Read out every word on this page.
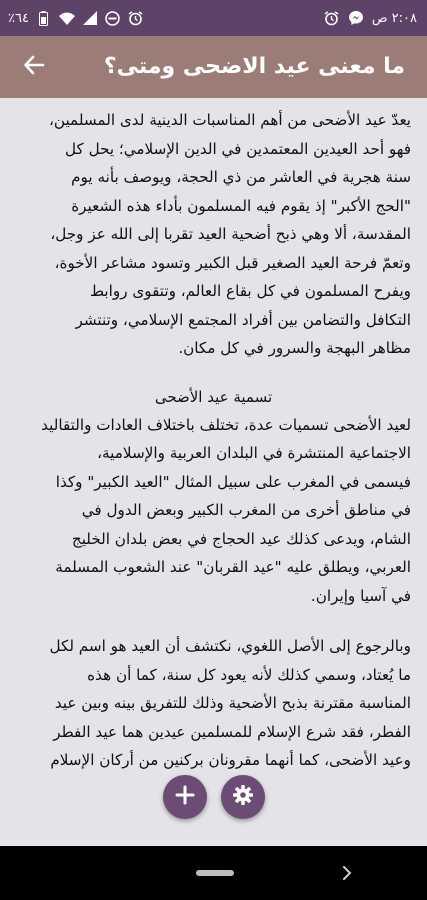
٪٦٤	٢:٠٨ ص
ما معنى عيد الاضحى ومتى؟

يعدّ عيد الأضحى من أهم المناسبات الدينية لدى المسلمين،
فهو أحد العيدين المعتمدين في الدين الإسلامي؛ يحل كل
سنة هجرية في العاشر من ذي الحجة، ويوصف بأنه يوم
"الحج الأكبر" إذ يقوم فيه المسلمون بأداء هذه الشعيرة
المقدسة، ألا وهي ذبح أضحية العيد تقربا إلى الله عز وجل،
وتعمّ فرحة العيد الصغير قبل الكبير وتسود مشاعر الأخوة،
ويفرح المسلمون في كل بقاع العالم، وتتقوى روابط
التكافل والتضامن بين أفراد المجتمع الإسلامي، وتنتشر
مظاهر البهجة والسرور في كل مكان.

تسمية عيد الأضحى

لعيد الأضحى تسميات عدة، تختلف باختلاف العادات والتقاليد
الاجتماعية المنتشرة في البلدان العربية والإسلامية،
فيسمى في المغرب على سبيل المثال "العيد الكبير" وكذا
في مناطق أخرى من المغرب الكبير وبعض الدول في
الشام، ويدعى كذلك عيد الحجاج في بعض بلدان الخليج
العربي، ويطلق عليه "عيد القربان" عند الشعوب المسلمة
في آسيا وإيران.

وبالرجوع إلى الأصل اللغوي، نكتشف أن العيد هو اسم لكل
ما يُعتاد، وسمي كذلك لأنه يعود كل سنة، كما أن هذه
المناسبة مقترنة بذبح الأضحية وذلك للتفريق بينه وبين عيد
الفطر، فقد شرع الإسلام للمسلمين عيدين هما عيد الفطر
وعيد الأضحى، كما أنهما مقرونان بركنين من أركان الإسلام
